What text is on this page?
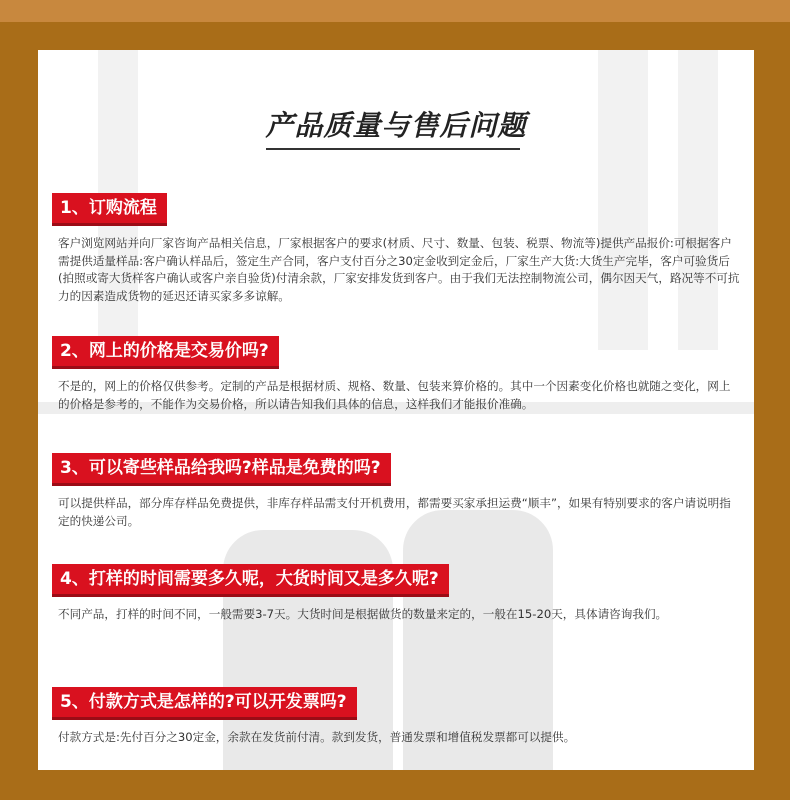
产品质量与售后问题
1、订购流程
客户浏览网站并向厂家咨询产品相关信息，厂家根据客户的要求(材质、尺寸、数量、包装、税票、物流等)提供产品报价:可根据客户需提供适量样品:客户确认样品后，签定生产合同，客户支付百分之30定金收到定金后，厂家生产大货:大货生产完毕，客户可验货后(拍照或寄大货样客户确认或客户亲自验货)付清余款，厂家安排发货到客户。由于我们无法控制物流公司，偶尔因天气，路况等不可抗力的因素造成货物的延迟还请买家多多谅解。
2、网上的价格是交易价吗?
不是的，网上的价格仅供参考。定制的产品是根据材质、规格、数量、包装来算价格的。其中一个因素变化价格也就随之变化，网上的价格是参考的，不能作为交易价格，所以请告知我们具体的信息，这样我们才能报价准确。
3、可以寄些样品给我吗?样品是免费的吗?
可以提供样品，部分库存样品免费提供，非库存样品需支付开机费用，都需要买家承担运费“顺丰”，如果有特别要求的客户请说明指定的快递公司。
4、打样的时间需要多久呢，大货时间又是多久呢?
不同产品，打样的时间不同，一般需要3-7天。大货时间是根据做货的数量来定的，一般在15-20天，具体请咨询我们。
5、付款方式是怎样的?可以开发票吗?
付款方式是:先付百分之30定金，余款在发货前付清。款到发货，普通发票和增值税发票都可以提供。
